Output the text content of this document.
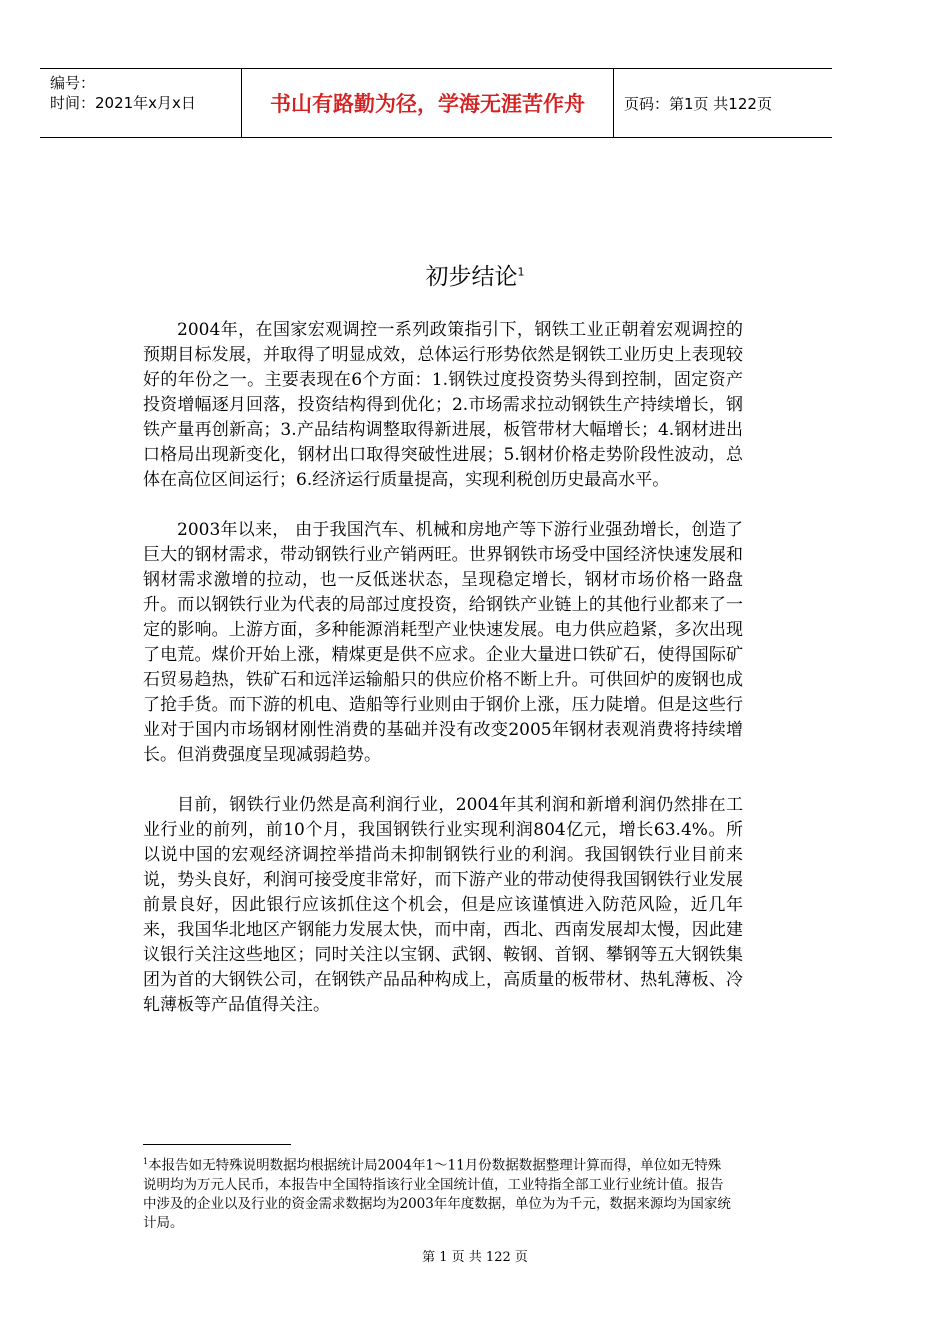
编号：
时间：2021年x月x日	书山有路勤为径，学海无涯苦作舟	页码：第1页 共122页
初步结论$^1$

2004年，在国家宏观调控一系列政策指引下，钢铁工业正朝着宏观调控的预期目标发展，并取得了明显成效，总体运行形势依然是钢铁工业历史上表现较好的年份之一。主要表现在6个方面：1.钢铁过度投资势头得到控制，固定资产投资增幅逐月回落，投资结构得到优化；2.市场需求拉动钢铁生产持续增长，钢铁产量再创新高；3.产品结构调整取得新进展，板管带材大幅增长；4.钢材进出口格局出现新变化，钢材出口取得突破性进展；5.钢材价格走势阶段性波动，总体在高位区间运行；6.经济运行质量提高，实现利税创历史最高水平。

2003年以来， 由于我国汽车、机械和房地产等下游行业强劲增长，创造了巨大的钢材需求，带动钢铁行业产销两旺。世界钢铁市场受中国经济快速发展和钢材需求激增的拉动，也一反低迷状态，呈现稳定增长，钢材市场价格一路盘升。而以钢铁行业为代表的局部过度投资，给钢铁产业链上的其他行业都来了一定的影响。上游方面，多种能源消耗型产业快速发展。电力供应趋紧，多次出现了电荒。煤价开始上涨，精煤更是供不应求。企业大量进口铁矿石，使得国际矿石贸易趋热，铁矿石和远洋运输船只的供应价格不断上升。可供回炉的废钢也成了抢手货。而下游的机电、造船等行业则由于钢价上涨，压力陡增。但是这些行业对于国内市场钢材刚性消费的基础并没有改变2005年钢材表观消费将持续增长。但消费强度呈现减弱趋势。

目前，钢铁行业仍然是高利润行业，2004年其利润和新增利润仍然排在工业行业的前列，前10个月，我国钢铁行业实现利润804亿元，增长63.4%。所以说中国的宏观经济调控举措尚未抑制钢铁行业的利润。我国钢铁行业目前来说，势头良好，利润可接受度非常好，而下游产业的带动使得我国钢铁行业发展前景良好，因此银行应该抓住这个机会，但是应该谨慎进入防范风险，近几年来，我国华北地区产钢能力发展太快，而中南，西北、西南发展却太慢，因此建议银行关注这些地区；同时关注以宝钢、武钢、鞍钢、首钢、攀钢等五大钢铁集团为首的大钢铁公司，在钢铁产品品种构成上，高质量的板带材、热轧薄板、冷轧薄板等产品值得关注。

$^1$本报告如无特殊说明数据均根据统计局2004年1～11月份数据数据整理计算而得，单位如无特殊说明均为万元人民币，本报告中全国特指该行业全国统计值，工业特指全部工业行业统计值。报告中涉及的企业以及行业的资金需求数据均为2003年年度数据，单位为为千元，数据来源均为国家统计局。
第 1 页 共 122 页
